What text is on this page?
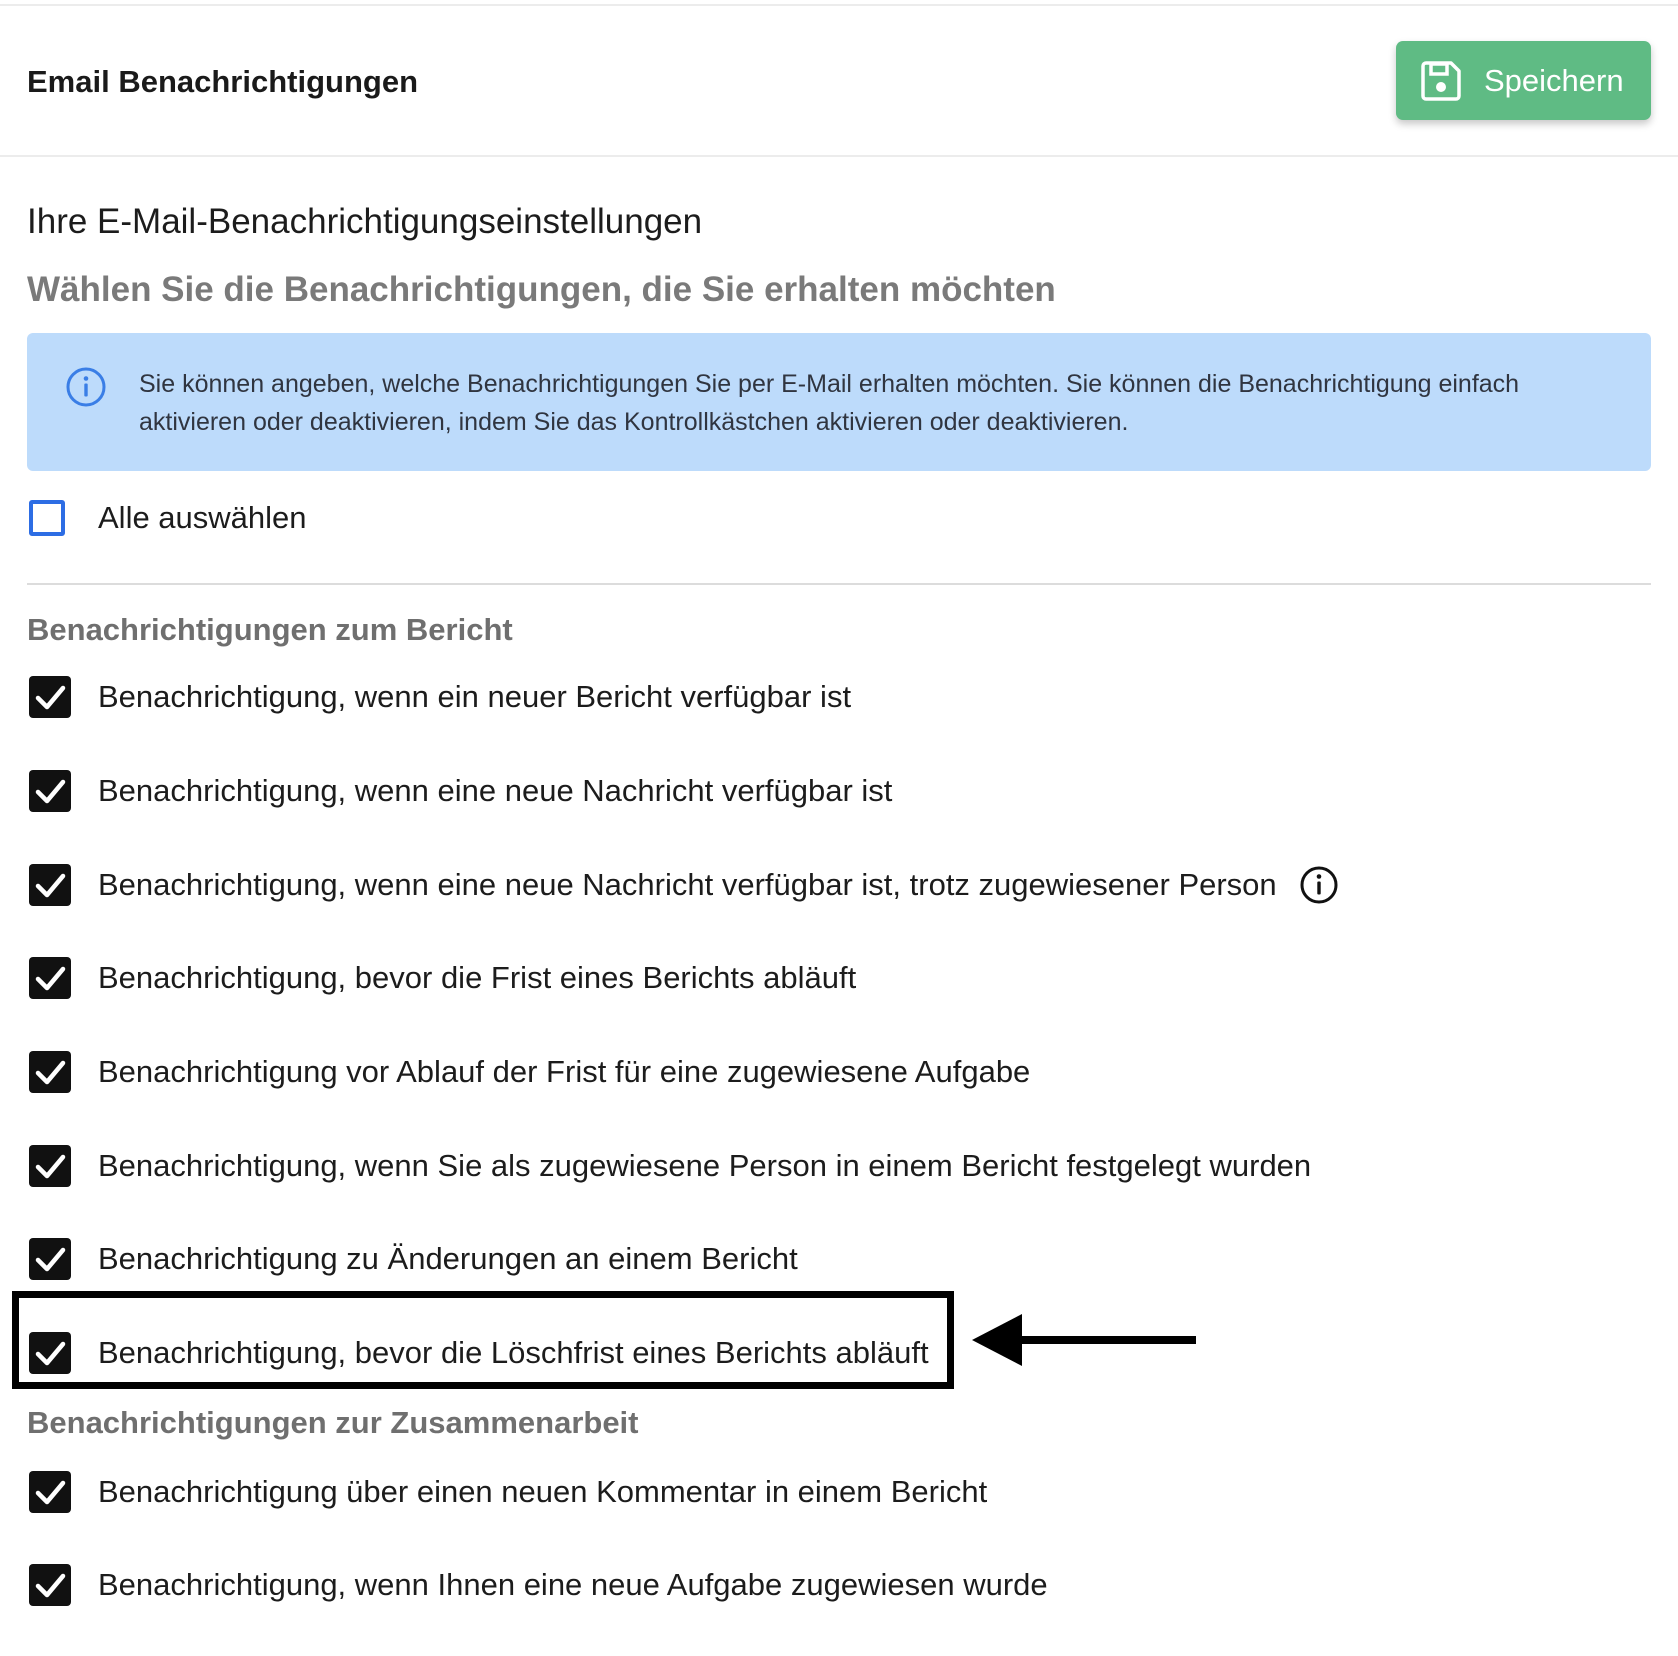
Email Benachrichtigungen	Speichern
Ihre E-Mail-Benachrichtigungseinstellungen
Wählen Sie die Benachrichtigungen, die Sie erhalten möchten
Sie können angeben, welche Benachrichtigungen Sie per E-Mail erhalten möchten. Sie können die Benachrichtigung einfach aktivieren oder deaktivieren, indem Sie das Kontrollkästchen aktivieren oder deaktivieren.
Alle auswählen
Benachrichtigungen zum Bericht
Benachrichtigung, wenn ein neuer Bericht verfügbar ist
Benachrichtigung, wenn eine neue Nachricht verfügbar ist
Benachrichtigung, wenn eine neue Nachricht verfügbar ist, trotz zugewiesener Person
Benachrichtigung, bevor die Frist eines Berichts abläuft
Benachrichtigung vor Ablauf der Frist für eine zugewiesene Aufgabe
Benachrichtigung, wenn Sie als zugewiesene Person in einem Bericht festgelegt wurden
Benachrichtigung zu Änderungen an einem Bericht
Benachrichtigung, bevor die Löschfrist eines Berichts abläuft
Benachrichtigungen zur Zusammenarbeit
Benachrichtigung über einen neuen Kommentar in einem Bericht
Benachrichtigung, wenn Ihnen eine neue Aufgabe zugewiesen wurde
